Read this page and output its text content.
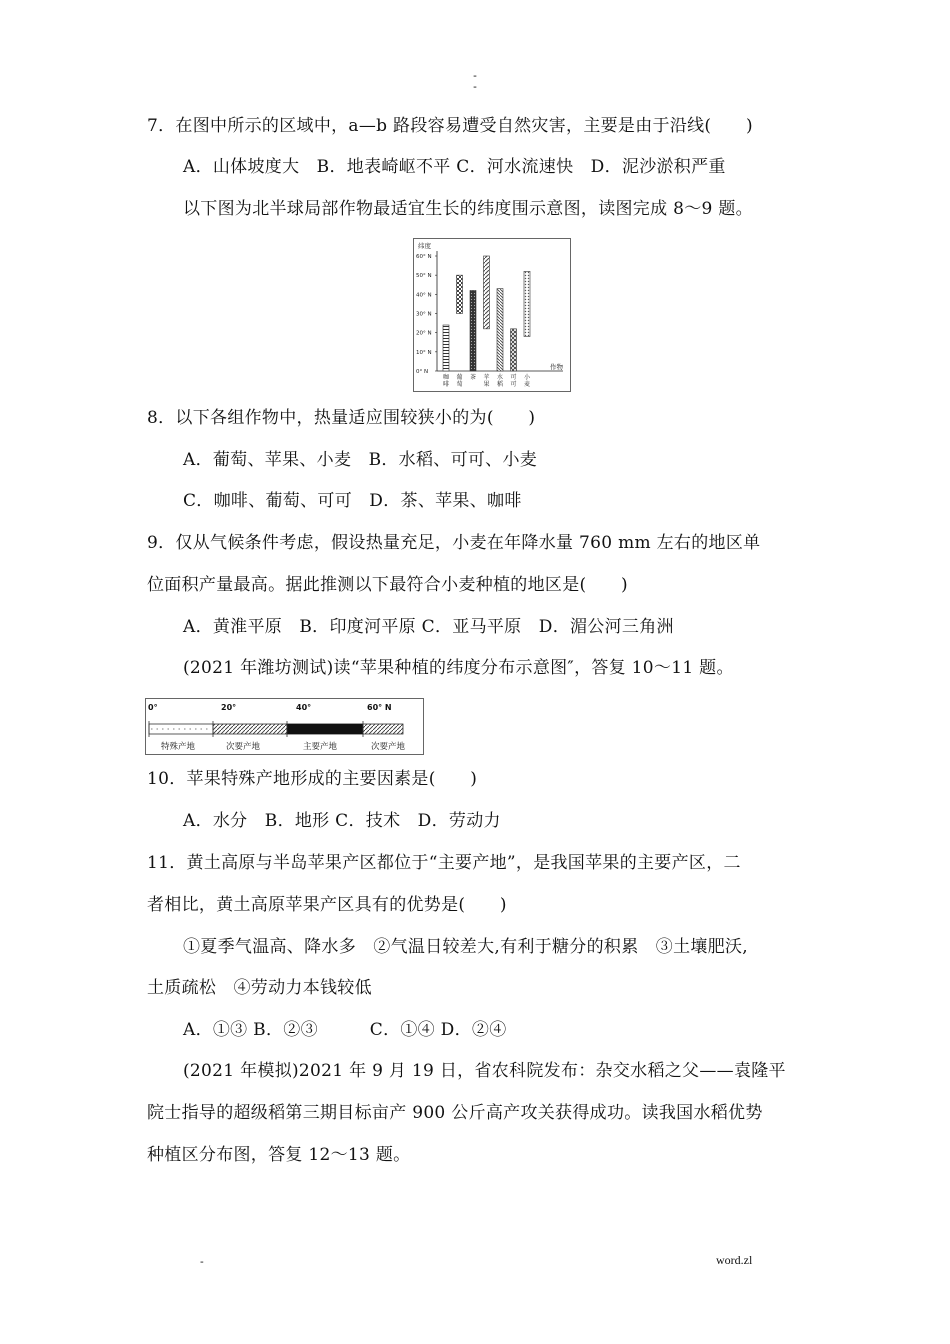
-
-
7．在图中所示的区域中，a—b 路段容易遭受自然灾害，主要是由于沿线(　　)
A．山体坡度大　B．地表崎岖不平 C．河水流速快　D．泥沙淤积严重
以下图为北半球局部作物最适宜生长的纬度围示意图，读图完成 8～9 题。
纬度
0° N
10° N
20° N
30° N
40° N
50° N
60° N
咖
啡
葡
萄
茶 苹
果
水
稻
可
可
小
麦
作物
8．以下各组作物中，热量适应围较狭小的为(　　)
A．葡萄、苹果、小麦　B．水稻、可可、小麦
C．咖啡、葡萄、可可　D．茶、苹果、咖啡
9．仅从气候条件考虑，假设热量充足，小麦在年降水量 760 mm 左右的地区单
位面积产量最高。据此推测以下最符合小麦种植的地区是(　　)
A．黄淮平原　B．印度河平原 C．亚马平原　D．湄公河三角洲
(2021 年潍坊测试)读“苹果种植的纬度分布示意图″，答复 10～11 题。
0°	20°	40°	60° N
特殊产地	次要产地	主要产地	次要产地
10．苹果特殊产地形成的主要因素是(　　)
A．水分　B．地形 C．技术　D．劳动力
11．黄土高原与半岛苹果产区都位于“主要产地”，是我国苹果的主要产区，二
者相比，黄土高原苹果产区具有的优势是(　　)
①夏季气温高、降水多　②气温日较差大,有利于糖分的积累　③土壤肥沃,
土质疏松　④劳动力本钱较低
A．①③ B．②③　　　C．①④ D．②④
(2021 年模拟)2021 年 9 月 19 日，省农科院发布：杂交水稻之父——袁隆平
院士指导的超级稻第三期目标亩产 900 公斤高产攻关获得成功。读我国水稻优势
种植区分布图，答复 12～13 题。
-	word.zl
